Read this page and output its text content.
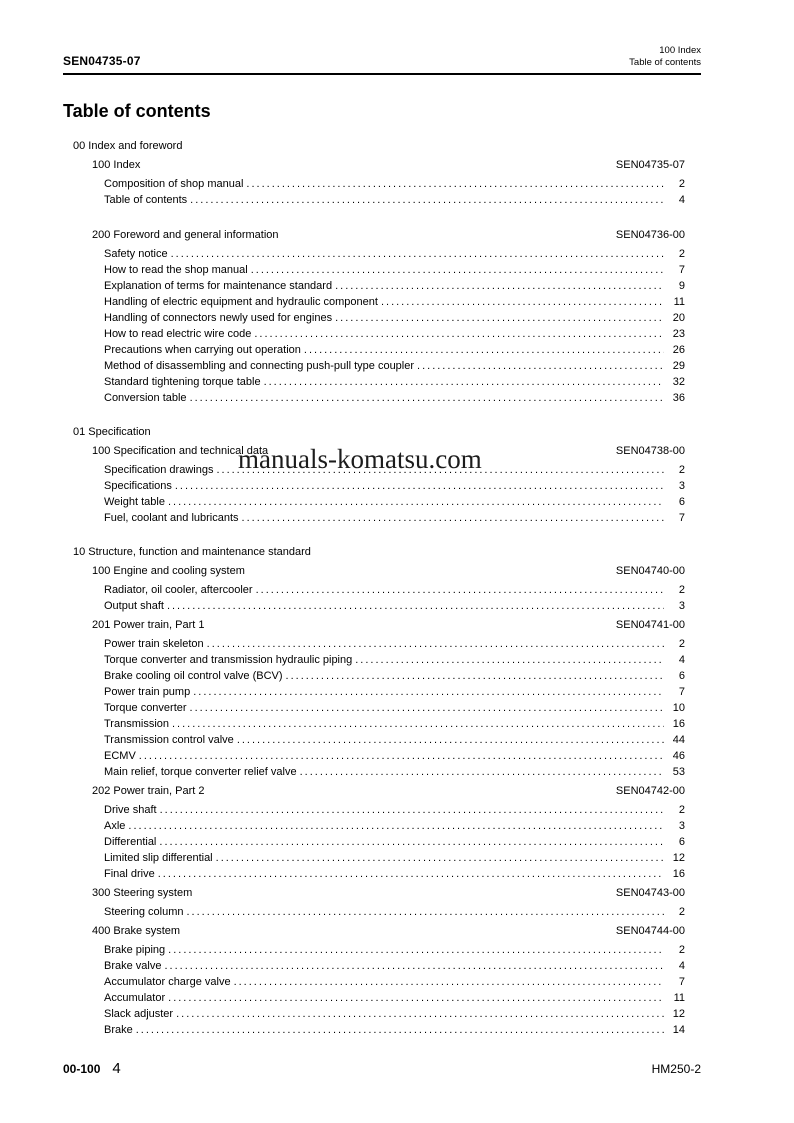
SEN04735-07
100 Index
Table of contents
Table of contents
00 Index and foreword
100 Index	SEN04735-07
Composition of shop manual .....	2
Table of contents .....	4
200 Foreword and general information	SEN04736-00
Safety notice .....	2
How to read the shop manual .....	7
Explanation of terms for maintenance standard .....	9
Handling of electric equipment and hydraulic component .....	11
Handling of connectors newly used for engines .....	20
How to read electric wire code .....	23
Precautions when carrying out operation .....	26
Method of disassembling and connecting push-pull type coupler .....	29
Standard tightening torque table .....	32
Conversion table .....	36
01 Specification
100 Specification and technical data	SEN04738-00
Specification drawings .....	2
Specifications .....	3
Weight table .....	6
Fuel, coolant and lubricants .....	7
10 Structure, function and maintenance standard
100 Engine and cooling system	SEN04740-00
Radiator, oil cooler, aftercooler .....	2
Output shaft .....	3
201 Power train, Part 1	SEN04741-00
Power train skeleton .....	2
Torque converter and transmission hydraulic piping .....	4
Brake cooling oil control valve (BCV) .....	6
Power train pump .....	7
Torque converter .....	10
Transmission .....	16
Transmission control valve .....	44
ECMV .....	46
Main relief, torque converter relief valve .....	53
202 Power train, Part 2	SEN04742-00
Drive shaft .....	2
Axle .....	3
Differential .....	6
Limited slip differential .....	12
Final drive .....	16
300 Steering system	SEN04743-00
Steering column .....	2
400 Brake system	SEN04744-00
Brake piping .....	2
Brake valve .....	4
Accumulator charge valve .....	7
Accumulator .....	11
Slack adjuster .....	12
Brake .....	14
00-100 4	HM250-2
manuals-komatsu.com
